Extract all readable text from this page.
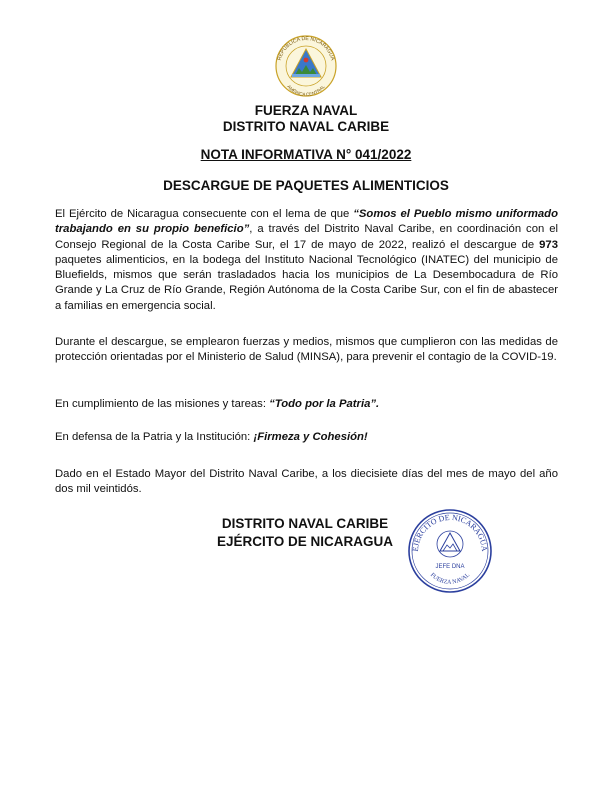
REPÚBLICA DE NICARAGUA
AMÉRICA CENTRAL
FUERZA NAVAL
DISTRITO NAVAL CARIBE
NOTA INFORMATIVA N° 041/2022
DESCARGUE DE PAQUETES ALIMENTICIOS
El Ejército de Nicaragua consecuente con el lema de que “Somos el Pueblo mismo uniformado trabajando en su propio beneficio”, a través del Distrito Naval Caribe, en coordinación con el Consejo Regional de la Costa Caribe Sur, el 17 de mayo de 2022, realizó el descargue de 973 paquetes alimenticios, en la bodega del Instituto Nacional Tecnológico (INATEC) del municipio de Bluefields, mismos que serán trasladados hacia los municipios de La Desembocadura de Río Grande y La Cruz de Río Grande, Región Autónoma de la Costa Caribe Sur, con el fin de abastecer a familias en emergencia social.
Durante el descargue, se emplearon fuerzas y medios, mismos que cumplieron con las medidas de protección orientadas por el Ministerio de Salud (MINSA), para prevenir el contagio de la COVID-19.
En cumplimiento de las misiones y tareas: “Todo por la Patria”.
En defensa de la Patria y la Institución: ¡Firmeza y Cohesión!
Dado en el Estado Mayor del Distrito Naval Caribe, a los diecisiete días del mes de mayo del año dos mil veintidós.
DISTRITO NAVAL CARIBE
EJÉRCITO DE NICARAGUA	EJÉRCITO DE NICARAGUA
FUERZA NAVAL
JEFE DNA
